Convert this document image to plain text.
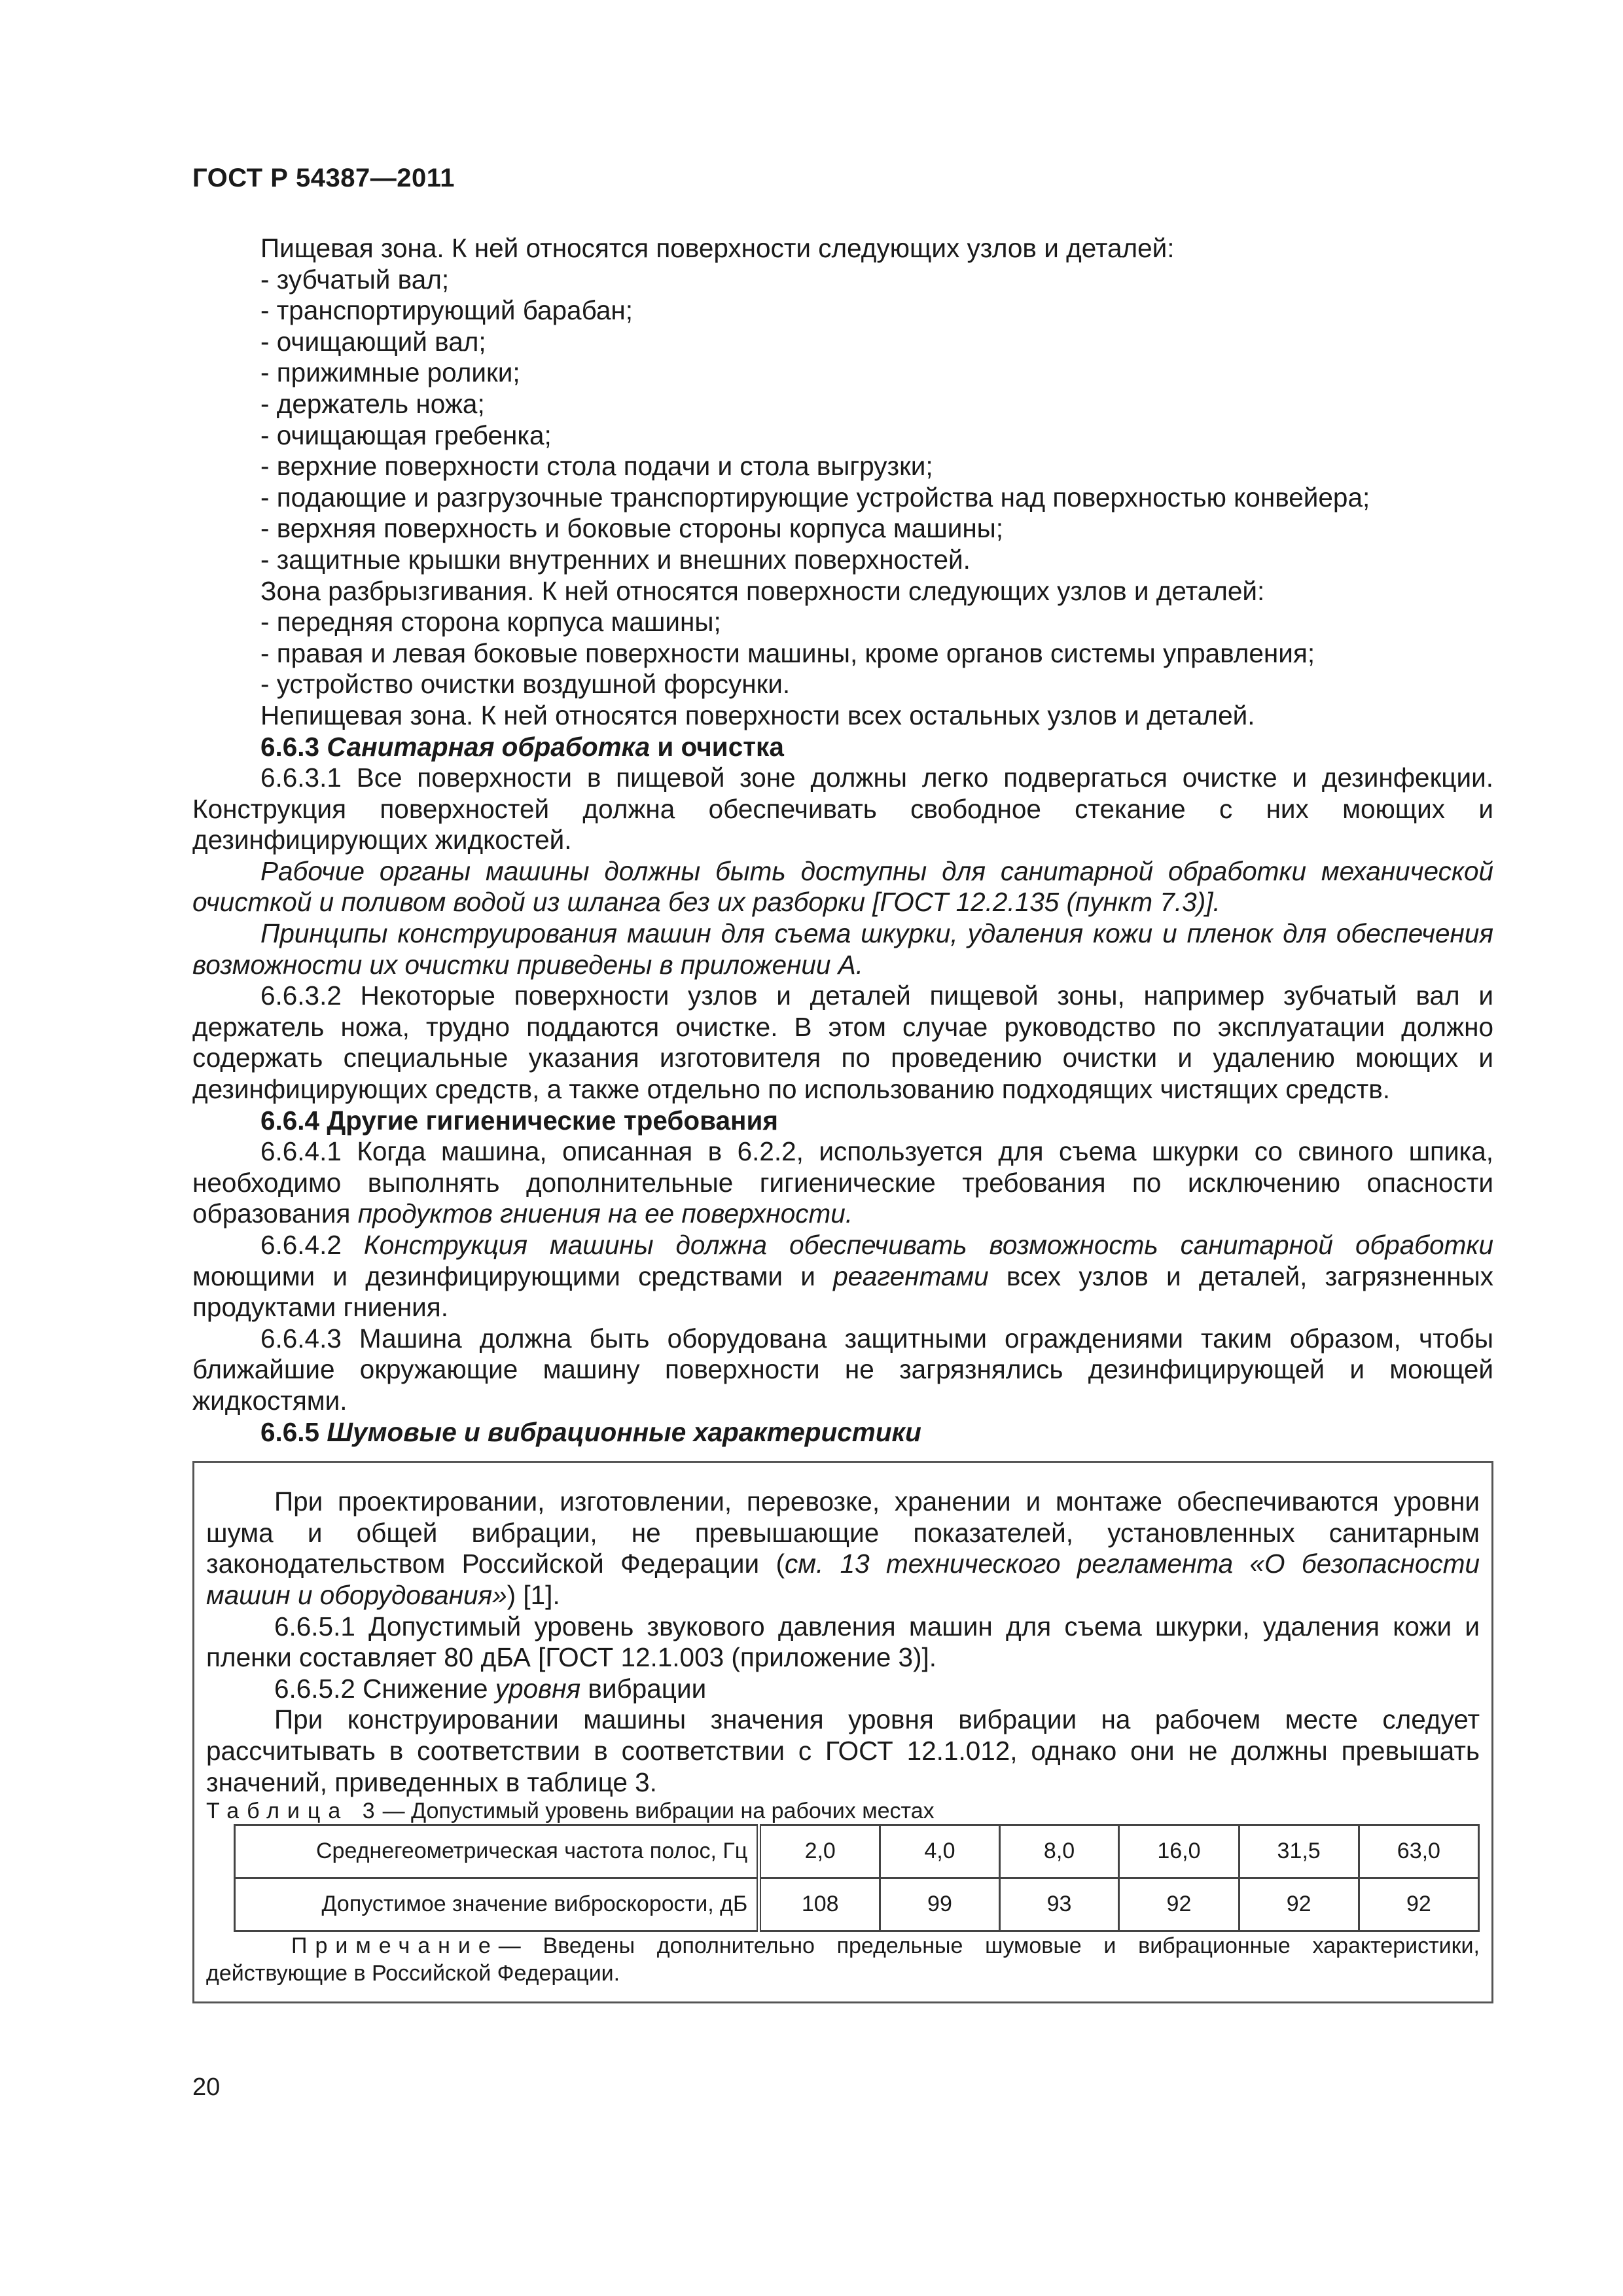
ГОСТ Р 54387—2011

Пищевая зона. К ней относятся поверхности следующих узлов и деталей:

- зубчатый вал;

- транспортирующий барабан;

- очищающий вал;

- прижимные ролики;

- держатель ножа;

- очищающая гребенка;

- верхние поверхности стола подачи и стола выгрузки;

- подающие и разгрузочные транспортирующие устройства над поверхностью конвейера;

- верхняя поверхность и боковые стороны корпуса машины;

- защитные крышки внутренних и внешних поверхностей.

Зона разбрызгивания. К ней относятся поверхности следующих узлов и деталей:

- передняя сторона корпуса машины;

- правая и левая боковые поверхности машины, кроме органов системы управления;

- устройство очистки воздушной форсунки.

Непищевая зона. К ней относятся поверхности всех остальных узлов и деталей.

6.6.3 Санитарная обработка и очистка

6.6.3.1 Все поверхности в пищевой зоне должны легко подвергаться очистке и дезинфекции. Конструкция поверхностей должна обеспечивать свободное стекание с них моющих и дезинфицирующих жидкостей.

Рабочие органы машины должны быть доступны для санитарной обработки механической очисткой и поливом водой из шланга без их разборки [ГОСТ 12.2.135 (пункт 7.3)].

Принципы конструирования машин для съема шкурки, удаления кожи и пленок для обеспечения возможности их очистки приведены в приложении А.

6.6.3.2 Некоторые поверхности узлов и деталей пищевой зоны, например зубчатый вал и держатель ножа, трудно поддаются очистке. В этом случае руководство по эксплуатации должно содержать специальные указания изготовителя по проведению очистки и удалению моющих и дезинфицирующих средств, а также отдельно по использованию подходящих чистящих средств.

6.6.4 Другие гигиенические требования

6.6.4.1 Когда машина, описанная в 6.2.2, используется для съема шкурки со свиного шпика, необходимо выполнять дополнительные гигиенические требования по исключению опасности образования продуктов гниения на ее поверхности.

6.6.4.2 Конструкция машины должна обеспечивать возможность санитарной обработки моющими и дезинфицирующими средствами и реагентами всех узлов и деталей, загрязненных продуктами гниения.

6.6.4.3 Машина должна быть оборудована защитными ограждениями таким образом, чтобы ближайшие окружающие машину поверхности не загрязнялись дезинфицирующей и моющей жидкостями.

6.6.5 Шумовые и вибрационные характеристики

При проектировании, изготовлении, перевозке, хранении и монтаже обеспечиваются уровни шума и общей вибрации, не превышающие показателей, установленных санитарным законодательством Российской Федерации (см. 13 технического регламента «О безопасности машин и оборудования») [1].

6.6.5.1 Допустимый уровень звукового давления машин для съема шкурки, удаления кожи и пленки составляет 80 дБА [ГОСТ 12.1.003 (приложение 3)].

6.6.5.2 Снижение уровня вибрации

При конструировании машины значения уровня вибрации на рабочем месте следует рассчитывать в соответствии в соответствии с ГОСТ 12.1.012, однако они не должны превышать значений, приведенных в таблице 3.

Таблица 3— Допустимый уровень вибрации на рабочих местах

Среднегеометрическая частота полос, Гц	2,0	4,0	8,0	16,0	31,5	63,0
Допустимое значение виброскорости, дБ	108	99	93	92	92	92

Примечание— Введены дополнительно предельные шумовые и вибрационные характеристики, действующие в Российской Федерации.

20
